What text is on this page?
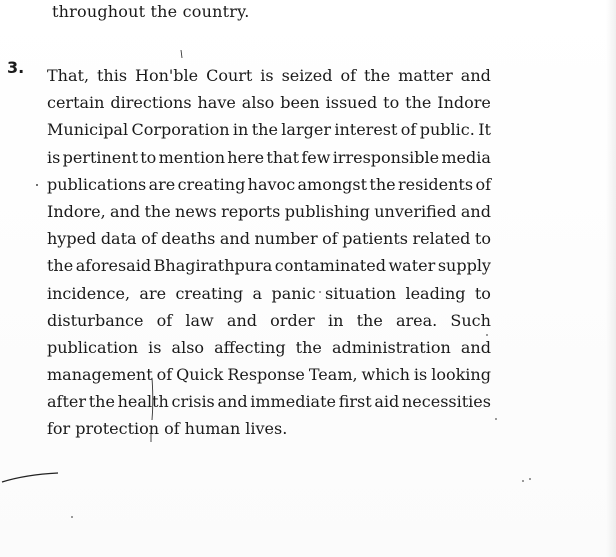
throughout the country.
3. That, this Hon'ble Court is seized of the matter and
certain directions have also been issued to the Indore
Municipal Corporation in the larger interest of public. It
is pertinent to mention here that few irresponsible media
publications are creating havoc amongst the residents of
Indore, and the news reports publishing unverified and
hyped data of deaths and number of patients related to
the aforesaid Bhagirathpura contaminated water supply
incidence, are creating a panic situation leading to
disturbance of law and order in the area. Such
publication is also affecting the administration and
management of Quick Response Team, which is looking
after the health crisis and immediate first aid necessities
for protection of human lives.
